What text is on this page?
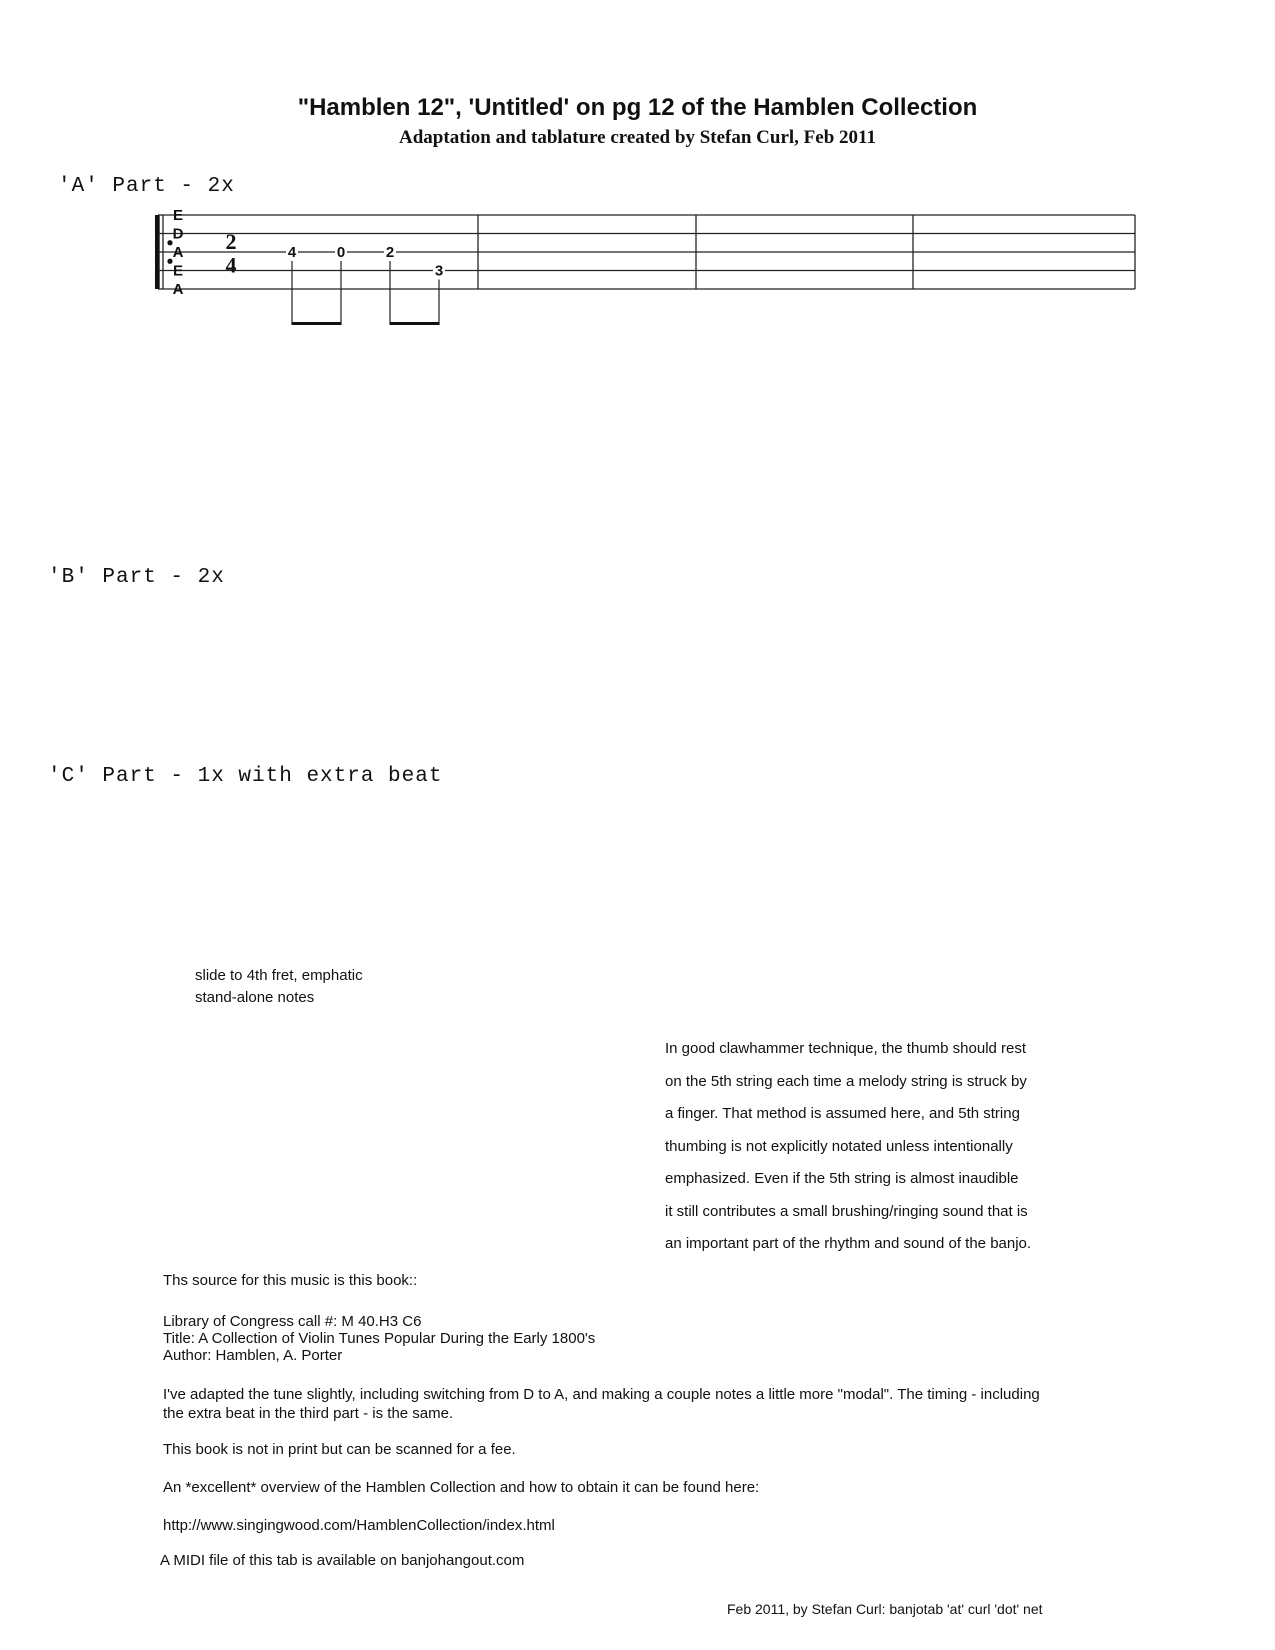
"Hamblen 12", 'Untitled' on pg 12 of the Hamblen Collection
Adaptation and tablature created by Stefan Curl, Feb 2011
'A' Part - 2x
'B' Part - 2x
'C' Part - 1x with extra beat
E
D
A
E
A
2
4	4	0	2
3
slide to 4th fret, emphatic
stand-alone notes

In good clawhammer technique, the thumb should rest

on the 5th string each time a melody string is struck by

a finger. That method is assumed here, and 5th string

thumbing is not explicitly notated unless intentionally

emphasized. Even if the 5th string is almost inaudible

it still contributes a small brushing/ringing sound that is

an important part of the rhythm and sound of the banjo.

Ths source for this music is this book::

Library of Congress call #: M 40.H3 C6

Title: A Collection of Violin Tunes Popular During the Early 1800's

Author: Hamblen, A. Porter

I've adapted the tune slightly, including switching from D to A, and making a couple notes a little more "modal". The timing - including

the extra beat in the third part - is the same.

This book is not in print but can be scanned for a fee.

An *excellent* overview of the Hamblen Collection and how to obtain it can be found here:

http://www.singingwood.com/HamblenCollection/index.html

A MIDI file of this tab is available on banjohangout.com

Feb 2011, by Stefan Curl: banjotab 'at' curl 'dot' net
